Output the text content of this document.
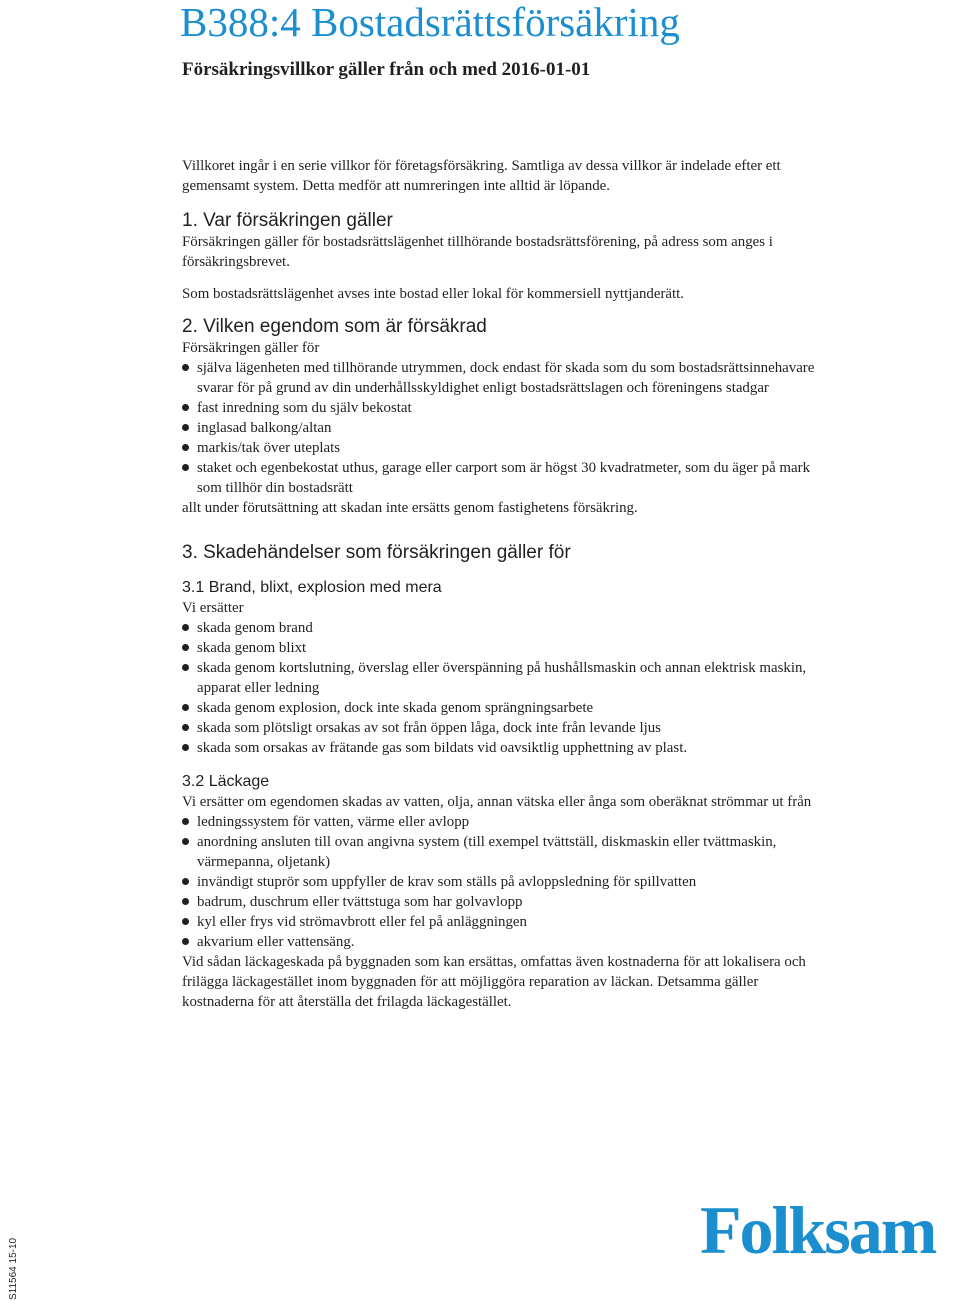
B388:4 Bostadsrättsförsäkring
Försäkringsvillkor gäller från och med 2016-01-01

Villkoret ingår i en serie villkor för företagsförsäkring. Samtliga av dessa villkor är indelade efter ett gemensamt system. Detta medför att numreringen inte alltid är löpande.

1. Var försäkringen gäller

Försäkringen gäller för bostadsrättslägenhet tillhörande bostadsrättsförening, på adress som anges i försäkringsbrevet.

Som bostadsrättslägenhet avses inte bostad eller lokal för kommersiell nyttjanderätt.

2. Vilken egendom som är försäkrad

Försäkringen gäller för

själva lägenheten med tillhörande utrymmen, dock endast för skada som du som bostadsrättsinnehavare svarar för på grund av din underhållsskyldighet enligt bostadsrättslagen och föreningens stadgar
fast inredning som du själv bekostat
inglasad balkong/altan
markis/tak över uteplats
staket och egenbekostat uthus, garage eller carport som är högst 30 kvadratmeter, som du äger på mark som tillhör din bostadsrätt

allt under förutsättning att skadan inte ersätts genom fastighetens försäkring.

3. Skadehändelser som försäkringen gäller för
3.1 Brand, blixt, explosion med mera

Vi ersätter

skada genom brand
skada genom blixt
skada genom kortslutning, överslag eller överspänning på hushållsmaskin och annan elektrisk maskin, apparat eller ledning
skada genom explosion, dock inte skada genom sprängningsarbete
skada som plötsligt orsakas av sot från öppen låga, dock inte från levande ljus
skada som orsakas av frätande gas som bildats vid oavsiktlig upphettning av plast.
3.2 Läckage

Vi ersätter om egendomen skadas av vatten, olja, annan vätska eller ånga som oberäknat strömmar ut från

ledningssystem för vatten, värme eller avlopp
anordning ansluten till ovan angivna system (till exempel tvättställ, diskmaskin eller tvättmaskin, värmepanna, oljetank)
invändigt stuprör som uppfyller de krav som ställs på avloppsledning för spillvatten
badrum, duschrum eller tvättstuga som har golvavlopp
kyl eller frys vid strömavbrott eller fel på anläggningen
akvarium eller vattensäng.

Vid sådan läckageskada på byggnaden som kan ersättas, omfattas även kostnaderna för att lokalisera och frilägga läckagestället inom byggnaden för att möjliggöra reparation av läckan. Detsamma gäller kostnaderna för att återställa det frilagda läckagestället.

Folksam
S11564 15-10
